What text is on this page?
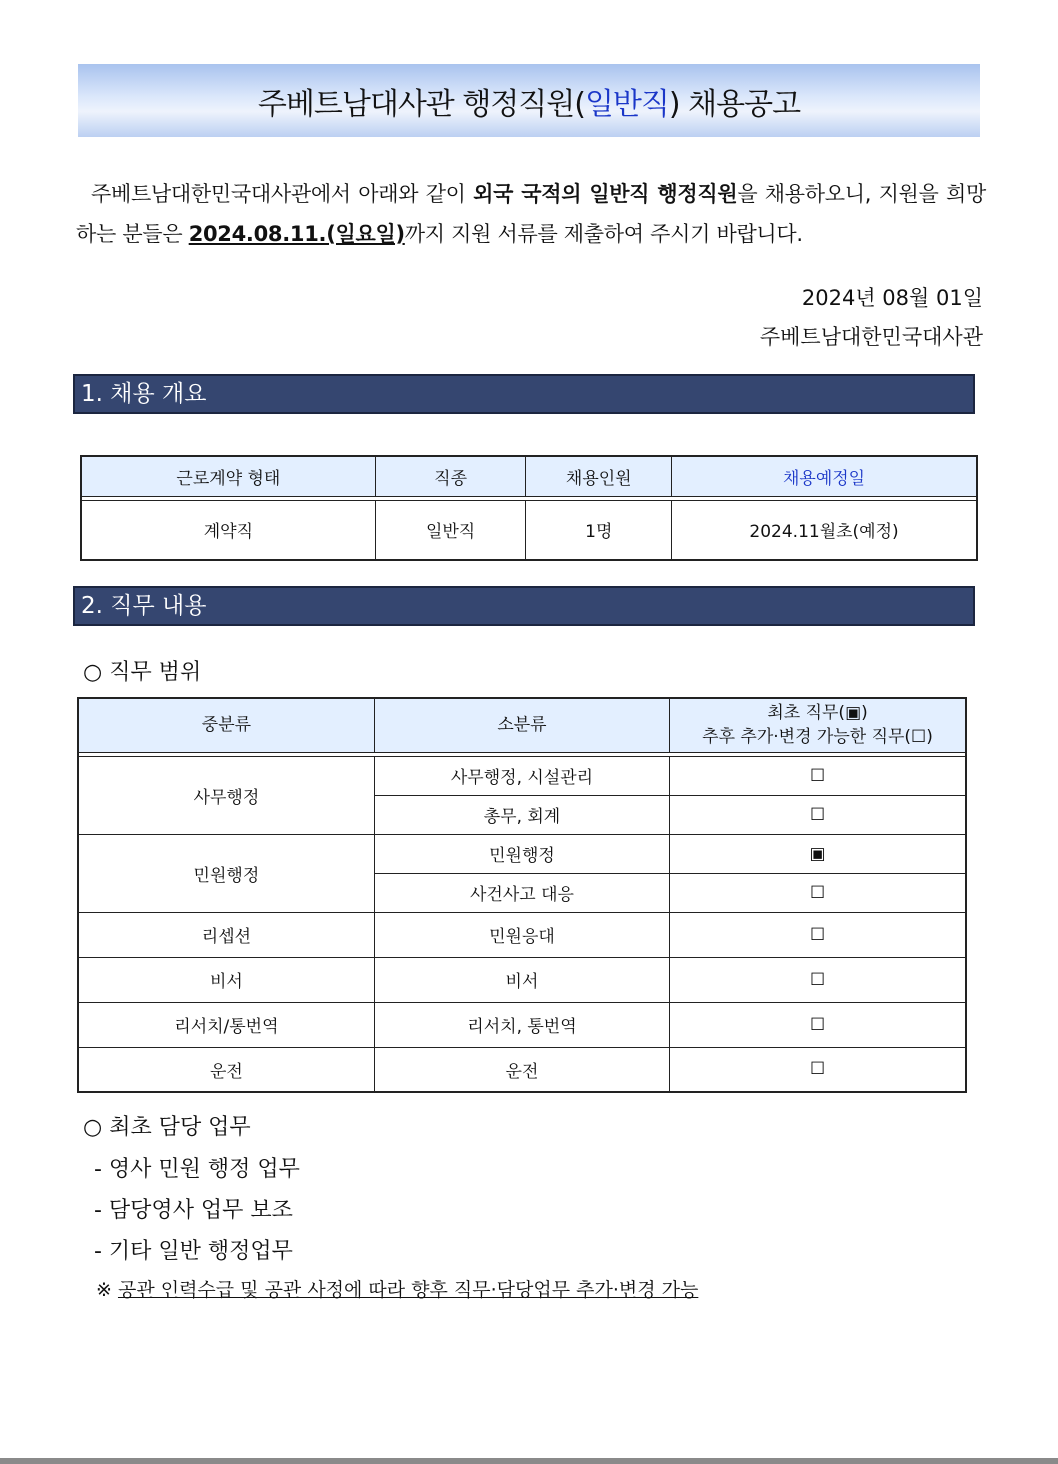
주베트남대사관 행정직원( 일반직 ) 채용공고

주베트남대한민국대사관에서 아래와 같이 외국 국적의 일반직 행정직원을 채용하오니, 지원을 희망하는 분들은 2024.08.11.(일요일)까지 지원 서류를 제출하여 주시기 바랍니다.

2024년 08월 01일
주베트남대한민국대사관
1. 채용 개요
근로계약 형태	직종	채용인원	채용예정일

계약직	일반직	1명	2024.11월초(예정)
2. 직무 내용
○ 직무 범위
중분류	소분류	최초 직무(▣)
추후 추가·변경 가능한 직무(☐)

사무행정	사무행정, 시설관리	☐
	총무, 회계	☐
민원행정	민원행정	▣
	사건사고 대응	☐
리셉션	민원응대	☐
비서	비서	☐
리서치/통번역	리서치, 통번역	☐
운전	운전	☐
○ 최초 담당 업무
- 영사 민원 행정 업무
- 담당영사 업무 보조
- 기타 일반 행정업무
※ 공관 인력수급 및 공관 사정에 따라 향후 직무·담당업무 추가·변경 가능
